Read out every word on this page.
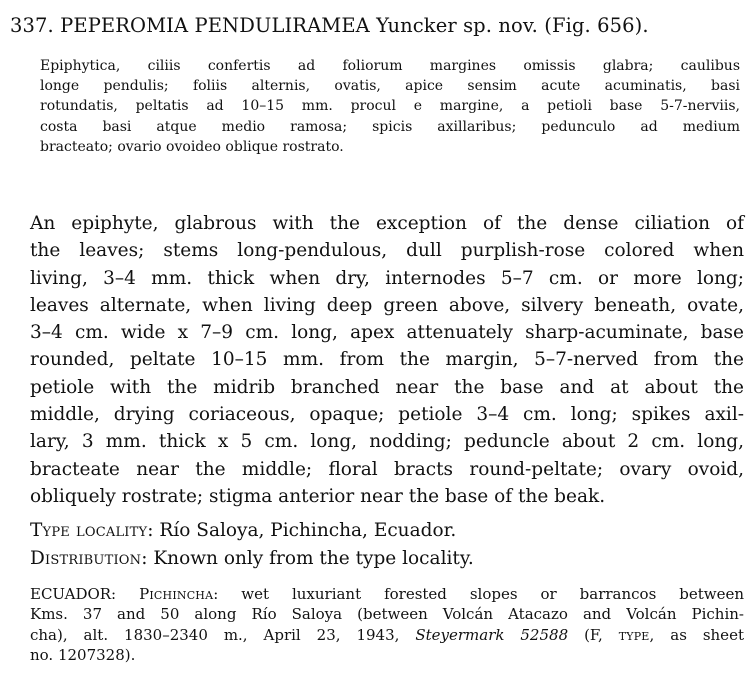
337. PEPEROMIA PENDULIRAMEA Yuncker sp. nov. (Fig. 656).
Epiphytica, ciliis confertis ad foliorum margines omissis glabra; caulibus
longe pendulis; foliis alternis, ovatis, apice sensim acute acuminatis, basi
rotundatis, peltatis ad 10–15 mm. procul e margine, a petioli base 5-7-nerviis,
costa basi atque medio ramosa; spicis axillaribus; pedunculo ad medium
bracteato; ovario ovoideo oblique rostrato.
An epiphyte, glabrous with the exception of the dense ciliation of
the leaves; stems long-pendulous, dull purplish-rose colored when
living, 3–4 mm. thick when dry, internodes 5–7 cm. or more long;
leaves alternate, when living deep green above, silvery beneath, ovate,
3–4 cm. wide x 7–9 cm. long, apex attenuately sharp-acuminate, base
rounded, peltate 10–15 mm. from the margin, 5–7-nerved from the
petiole with the midrib branched near the base and at about the
middle, drying coriaceous, opaque; petiole 3–4 cm. long; spikes axil-
lary, 3 mm. thick x 5 cm. long, nodding; peduncle about 2 cm. long,
bracteate near the middle; floral bracts round-peltate; ovary ovoid,
obliquely rostrate; stigma anterior near the base of the beak.
Type locality: Río Saloya, Pichincha, Ecuador.
Distribution: Known only from the type locality.
ECUADOR: Pichincha: wet luxuriant forested slopes or barrancos between
Kms. 37 and 50 along Río Saloya (between Volcán Atacazo and Volcán Pichin-
cha), alt. 1830–2340 m., April 23, 1943, Steyermark 52588 (F, type, as sheet
no. 1207328).
